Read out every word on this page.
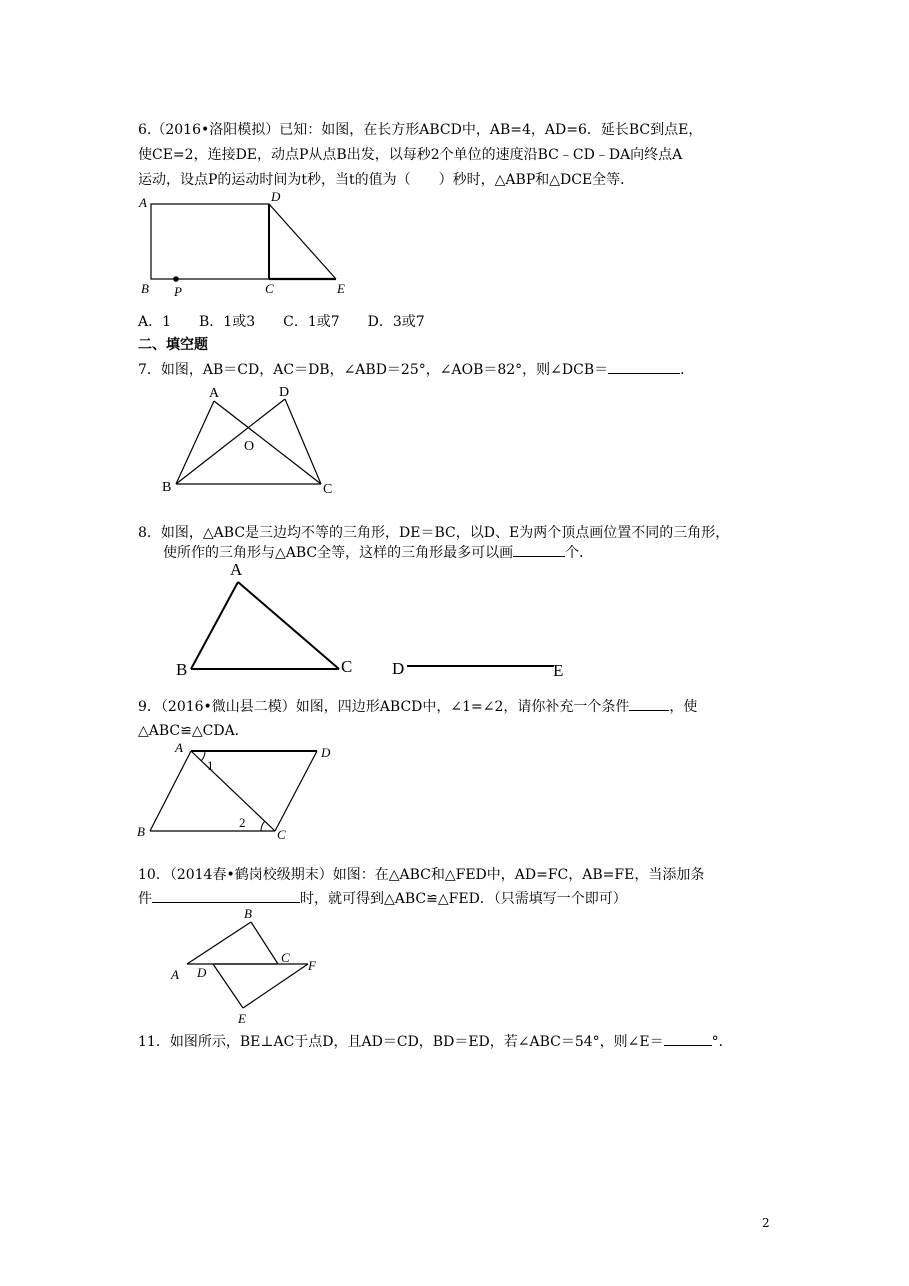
6.（2016•洛阳模拟）已知：如图，在长方形ABCD中，AB=4，AD=6．延长BC到点E，
使CE=2，连接DE，动点P从点B出发，以每秒2个单位的速度沿BC﹣CD﹣DA向终点A
运动，设点P的运动时间为t秒，当t的值为（　　）秒时，△ABP和△DCE全等．
A	D
B P	C	E
A．1　　B．1或3　　C．1或7　　D．3或7
二、填空题
7．如图，AB＝CD，AC＝DB，∠ABD＝25°，∠AOB＝82°，则∠DCB＝	．
A	D
O
B	C
8．如图，△ABC是三边均不等的三角形，DE＝BC，以D、E为两个顶点画位置不同的三角形，
使所作的三角形与△ABC全等，这样的三角形最多可以画	个．
A
B	C D	E
9．（2016•微山县二模）如图，四边形ABCD中，∠1=∠2，请你补充一个条件	，使
△ABC≌△CDA．
A	D
B	C
1
2
10．（2014春•鹤岗校级期末）如图：在△ABC和△FED中，AD=FC，AB=FE，当添加条
件	时，就可得到△ABC≌△FED．（只需填写一个即可）
B
C
F
A D
E
11．如图所示，BE⊥AC于点D，且AD＝CD，BD＝ED，若∠ABC＝54°，则∠E＝	°．
2
